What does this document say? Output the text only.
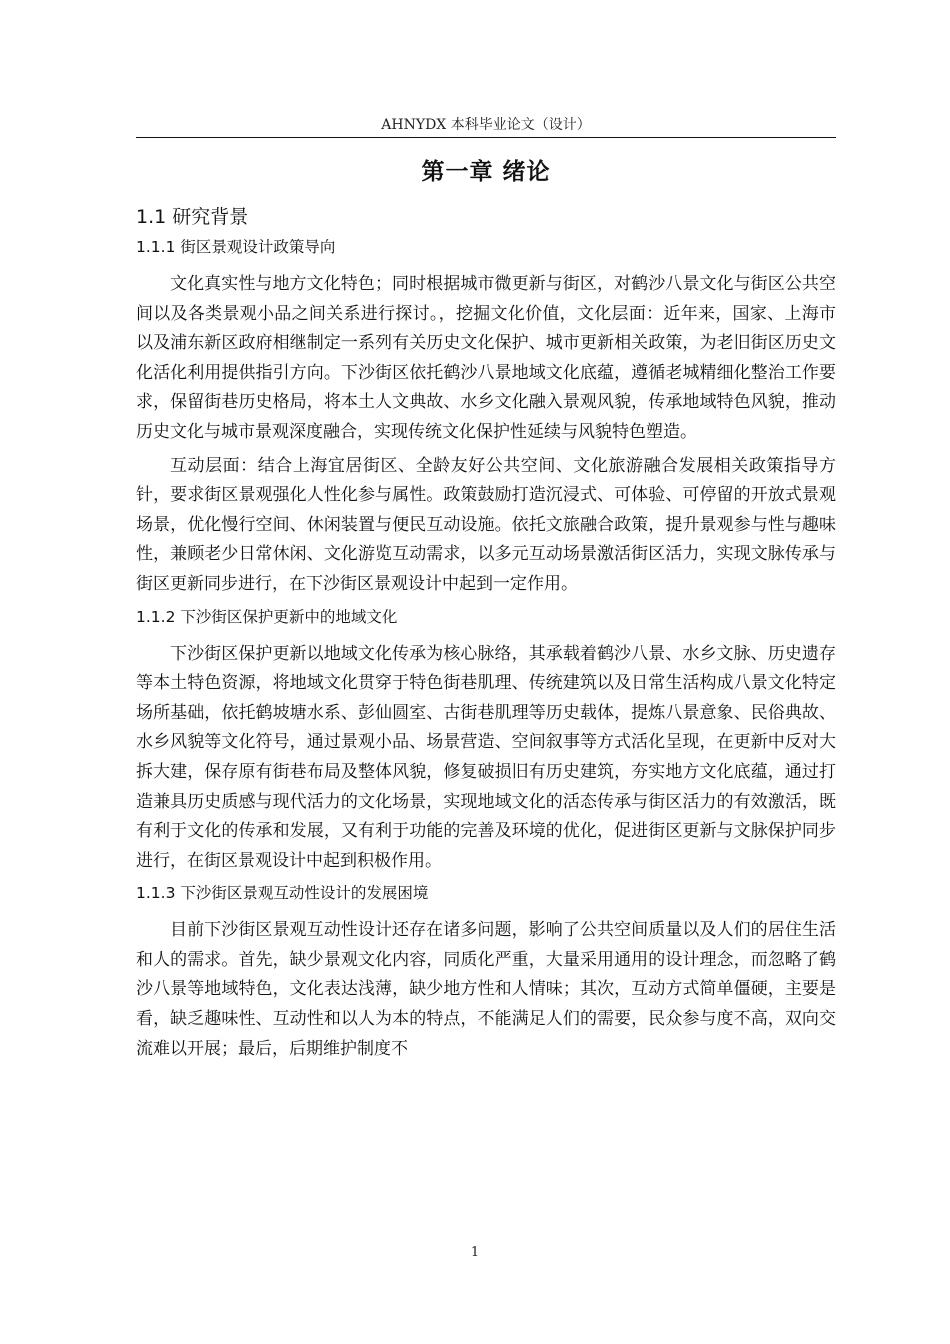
AHNYDX 本科毕业论文（设计）
第一章 绪论
1.1 研究背景
1.1.1 街区景观设计政策导向

文化真实性与地方文化特色；同时根据城市微更新与街区，对鹤沙八景文化与街区公共空间以及各类景观小品之间关系进行探讨。，挖掘文化价值，文化层面：近年来，国家、上海市以及浦东新区政府相继制定一系列有关历史文化保护、城市更新相关政策，为老旧街区历史文化活化利用提供指引方向。下沙街区依托鹤沙八景地域文化底蕴，遵循老城精细化整治工作要求，保留街巷历史格局，将本土人文典故、水乡文化融入景观风貌，传承地域特色风貌，推动历史文化与城市景观深度融合，实现传统文化保护性延续与风貌特色塑造。

互动层面：结合上海宜居街区、全龄友好公共空间、文化旅游融合发展相关政策指导方针，要求街区景观强化人性化参与属性。政策鼓励打造沉浸式、可体验、可停留的开放式景观场景，优化慢行空间、休闲装置与便民互动设施。依托文旅融合政策，提升景观参与性与趣味性，兼顾老少日常休闲、文化游览互动需求，以多元互动场景激活街区活力，实现文脉传承与街区更新同步进行，在下沙街区景观设计中起到一定作用。

1.1.2 下沙街区保护更新中的地域文化

下沙街区保护更新以地域文化传承为核心脉络，其承载着鹤沙八景、水乡文脉、历史遗存等本土特色资源，将地域文化贯穿于特色街巷肌理、传统建筑以及日常生活构成八景文化特定场所基础，依托鹤坡塘水系、彭仙圆室、古街巷肌理等历史载体，提炼八景意象、民俗典故、水乡风貌等文化符号，通过景观小品、场景营造、空间叙事等方式活化呈现，在更新中反对大拆大建，保存原有街巷布局及整体风貌，修复破损旧有历史建筑，夯实地方文化底蕴，通过打造兼具历史质感与现代活力的文化场景，实现地域文化的活态传承与街区活力的有效激活，既有利于文化的传承和发展，又有利于功能的完善及环境的优化，促进街区更新与文脉保护同步进行，在街区景观设计中起到积极作用。

1.1.3 下沙街区景观互动性设计的发展困境

目前下沙街区景观互动性设计还存在诸多问题，影响了公共空间质量以及人们的居住生活和人的需求。首先，缺少景观文化内容，同质化严重，大量采用通用的设计理念，而忽略了鹤沙八景等地域特色，文化表达浅薄，缺少地方性和人情味；其次，互动方式简单僵硬，主要是看，缺乏趣味性、互动性和以人为本的特点，不能满足人们的需要，民众参与度不高，双向交流难以开展；最后，后期维护制度不

1
